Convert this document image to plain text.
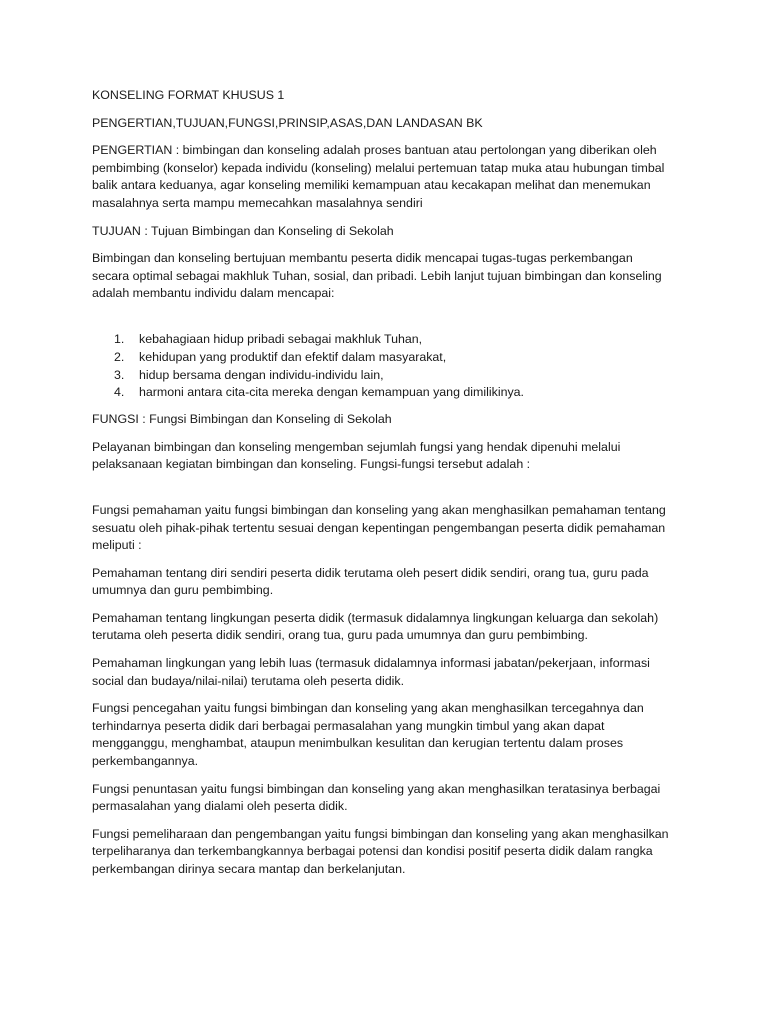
KONSELING FORMAT KHUSUS 1

PENGERTIAN,TUJUAN,FUNGSI,PRINSIP,ASAS,DAN LANDASAN BK

PENGERTIAN : bimbingan dan konseling adalah proses bantuan atau pertolongan yang diberikan oleh pembimbing (konselor) kepada individu (konseling) melalui pertemuan tatap muka atau hubungan timbal balik antara keduanya, agar konseling memiliki kemampuan atau kecakapan melihat dan menemukan masalahnya serta mampu memecahkan masalahnya sendiri

TUJUAN : Tujuan Bimbingan dan Konseling di Sekolah

Bimbingan dan konseling bertujuan membantu peserta didik mencapai tugas-tugas perkembangan secara optimal sebagai makhluk Tuhan, sosial, dan pribadi. Lebih lanjut tujuan bimbingan dan konseling adalah membantu individu dalam mencapai:

1. kebahagiaan hidup pribadi sebagai makhluk Tuhan,
2. kehidupan yang produktif dan efektif dalam masyarakat,
3. hidup bersama dengan individu-individu lain,
4. harmoni antara cita-cita mereka dengan kemampuan yang dimilikinya.

FUNGSI : Fungsi Bimbingan dan Konseling di Sekolah

Pelayanan bimbingan dan konseling mengemban sejumlah fungsi yang hendak dipenuhi melalui pelaksanaan kegiatan bimbingan dan konseling. Fungsi-fungsi tersebut adalah :

Fungsi pemahaman yaitu fungsi bimbingan dan konseling yang akan menghasilkan pemahaman tentang sesuatu oleh pihak-pihak tertentu sesuai dengan kepentingan pengembangan peserta didik pemahaman meliputi :

Pemahaman tentang diri sendiri peserta didik terutama oleh pesert didik sendiri, orang tua, guru pada umumnya dan guru pembimbing.

Pemahaman tentang lingkungan peserta didik (termasuk didalamnya lingkungan keluarga dan sekolah) terutama oleh peserta didik sendiri, orang tua, guru pada umumnya dan guru pembimbing.

Pemahaman lingkungan yang lebih luas (termasuk didalamnya informasi jabatan/pekerjaan, informasi social dan budaya/nilai-nilai) terutama oleh peserta didik.

Fungsi pencegahan yaitu fungsi bimbingan dan konseling yang akan menghasilkan tercegahnya dan terhindarnya peserta didik dari berbagai permasalahan yang mungkin timbul yang akan dapat mengganggu, menghambat, ataupun menimbulkan kesulitan dan kerugian tertentu dalam proses perkembangannya.

Fungsi penuntasan yaitu fungsi bimbingan dan konseling yang akan menghasilkan teratasinya berbagai permasalahan yang dialami oleh peserta didik.

Fungsi pemeliharaan dan pengembangan yaitu fungsi bimbingan dan konseling yang akan menghasilkan terpeliharanya dan terkembangkannya berbagai potensi dan kondisi positif peserta didik dalam rangka perkembangan dirinya secara mantap dan berkelanjutan.
